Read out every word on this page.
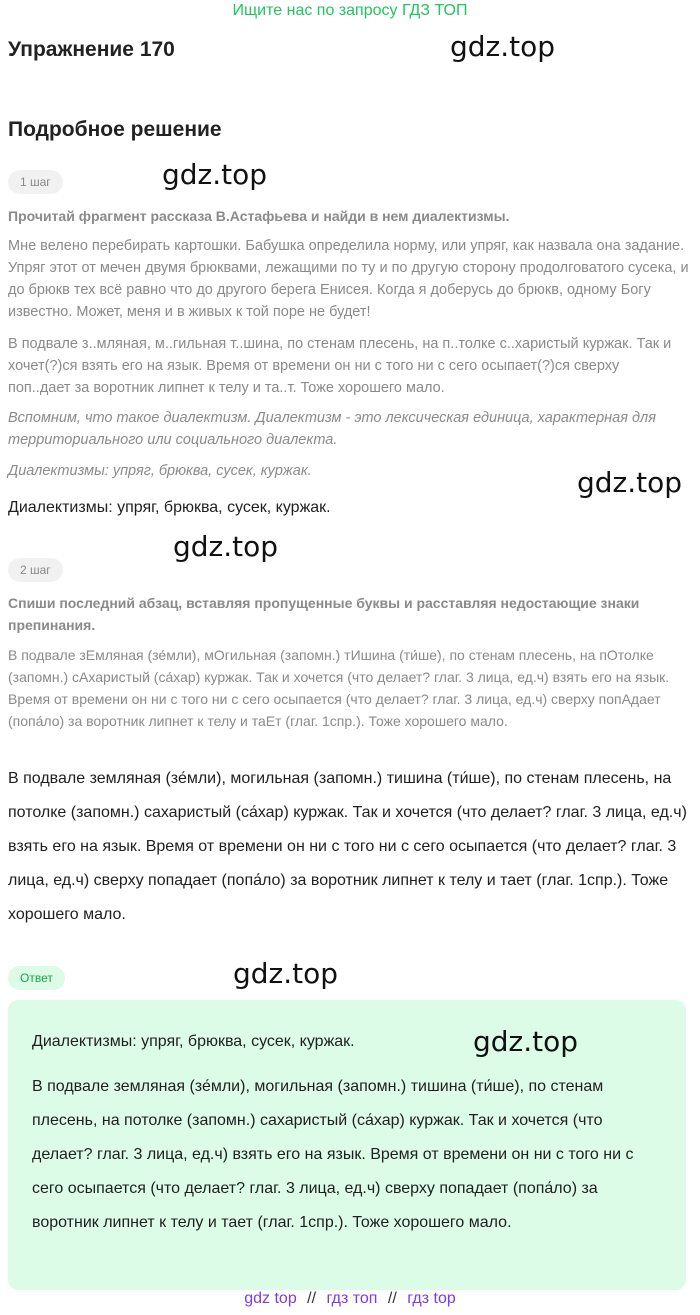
Ищите нас по запросу ГДЗ ТОП
Упражнение 170	gdz.top
Подробное решение
1 шаг	gdz.top
Прочитай фрагмент рассказа В.Астафьева и найди в нем диалектизмы.
Мне велено перебирать картошки. Бабушка определила норму, или упряг, как назвала она задание. Упряг этот от мечен двумя брюквами, лежащими по ту и по другую сторону продолговатого сусека, и до брюкв тех всё равно что до другого берега Енисея. Когда я доберусь до брюкв, одному Богу известно. Может, меня и в живых к той поре не будет!
В подвале з..мляная, м..гильная т..шина, по стенам плесень, на п..толке с..харистый куржак. Так и хочет(?)ся взять его на язык. Время от времени он ни с того ни с сего осыпает(?)ся сверху поп..дает за воротник липнет к телу и та..т. Тоже хорошего мало.
Вспомним, что такое диалектизм. Диалектизм - это лексическая единица, характерная для территориального или социального диалекта.
Диалектизмы: упряг, брюква, сусек, куржак.	gdz.top
Диалектизмы: упряг, брюква, сусек, куржак.
gdz.top
2 шаг
Спиши последний абзац, вставляя пропущенные буквы и расставляя недостающие знаки препинания.
В подвале зЕмляная (зе́мли), мОгильная (запомн.) тИшина (ти́ше), по стенам плесень, на пОтолке (запомн.) сАхаристый (са́хар) куржак. Так и хочется (что делает? глаг. 3 лица, ед.ч) взять его на язык. Время от времени он ни с того ни с сего осыпается (что делает? глаг. 3 лица, ед.ч) сверху попАдает (попа́ло) за воротник липнет к телу и таЕт (глаг. 1спр.). Тоже хорошего мало.
В подвале земляная (зе́мли), могильная (запомн.) тишина (ти́ше), по стенам плесень, на потолке (запомн.) сахаристый (са́хар) куржак. Так и хочется (что делает? глаг. 3 лица, ед.ч) взять его на язык. Время от времени он ни с того ни с сего осыпается (что делает? глаг. 3 лица, ед.ч) сверху попадает (попа́ло) за воротник липнет к телу и тает (глаг. 1спр.). Тоже хорошего мало.
Ответ	gdz.top
Диалектизмы: упряг, брюква, сусек, куржак.	gdz.top
В подвале земляная (зе́мли), могильная (запомн.) тишина (ти́ше), по стенам плесень, на потолке (запомн.) сахаристый (са́хар) куржак. Так и хочется (что делает? глаг. 3 лица, ед.ч) взять его на язык. Время от времени он ни с того ни с сего осыпается (что делает? глаг. 3 лица, ед.ч) сверху попадает (попа́ло) за воротник липнет к телу и тает (глаг. 1спр.). Тоже хорошего мало.
gdz top // гдз топ // гдз top
